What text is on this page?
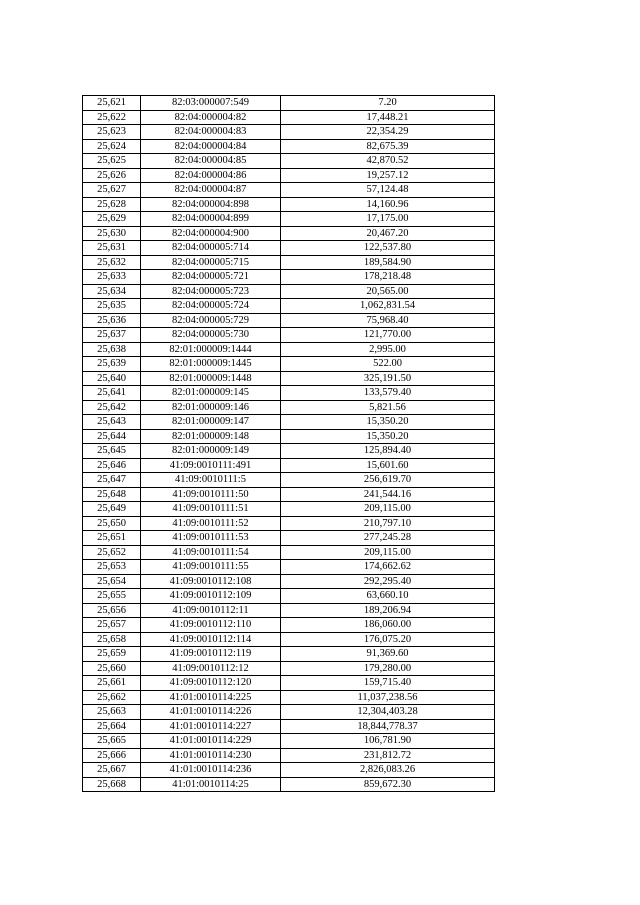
25,621	82:03:000007:549	7.20
25,622	82:04:000004:82	17,448.21
25,623	82:04:000004:83	22,354.29
25,624	82:04:000004:84	82,675.39
25,625	82:04:000004:85	42,870.52
25,626	82:04:000004:86	19,257.12
25,627	82:04:000004:87	57,124.48
25,628	82:04:000004:898	14,160.96
25,629	82:04:000004:899	17,175.00
25,630	82:04:000004:900	20,467.20
25,631	82:04:000005:714	122,537.80
25,632	82:04:000005:715	189,584.90
25,633	82:04:000005:721	178,218.48
25,634	82:04:000005:723	20,565.00
25,635	82:04:000005:724	1,062,831.54
25,636	82:04:000005:729	75,968.40
25,637	82:04:000005:730	121,770.00
25,638	82:01:000009:1444	2,995.00
25,639	82:01:000009:1445	522.00
25,640	82:01:000009:1448	325,191.50
25,641	82:01:000009:145	133,579.40
25,642	82:01:000009:146	5,821.56
25,643	82:01:000009:147	15,350.20
25,644	82:01:000009:148	15,350.20
25,645	82:01:000009:149	125,894.40
25,646	41:09:0010111:491	15,601.60
25,647	41:09:0010111:5	256,619.70
25,648	41:09:0010111:50	241,544.16
25,649	41:09:0010111:51	209,115.00
25,650	41:09:0010111:52	210,797.10
25,651	41:09:0010111:53	277,245.28
25,652	41:09:0010111:54	209,115.00
25,653	41:09:0010111:55	174,662.62
25,654	41:09:0010112:108	292,295.40
25,655	41:09:0010112:109	63,660.10
25,656	41:09:0010112:11	189,206.94
25,657	41:09:0010112:110	186,060.00
25,658	41:09:0010112:114	176,075.20
25,659	41:09:0010112:119	91,369.60
25,660	41:09:0010112:12	179,280.00
25,661	41:09:0010112:120	159,715.40
25,662	41:01:0010114:225	11,037,238.56
25,663	41:01:0010114:226	12,304,403.28
25,664	41:01:0010114:227	18,844,778.37
25,665	41:01:0010114:229	106,781.90
25,666	41:01:0010114:230	231,812.72
25,667	41:01:0010114:236	2,826,083.26
25,668	41:01:0010114:25	859,672.30
